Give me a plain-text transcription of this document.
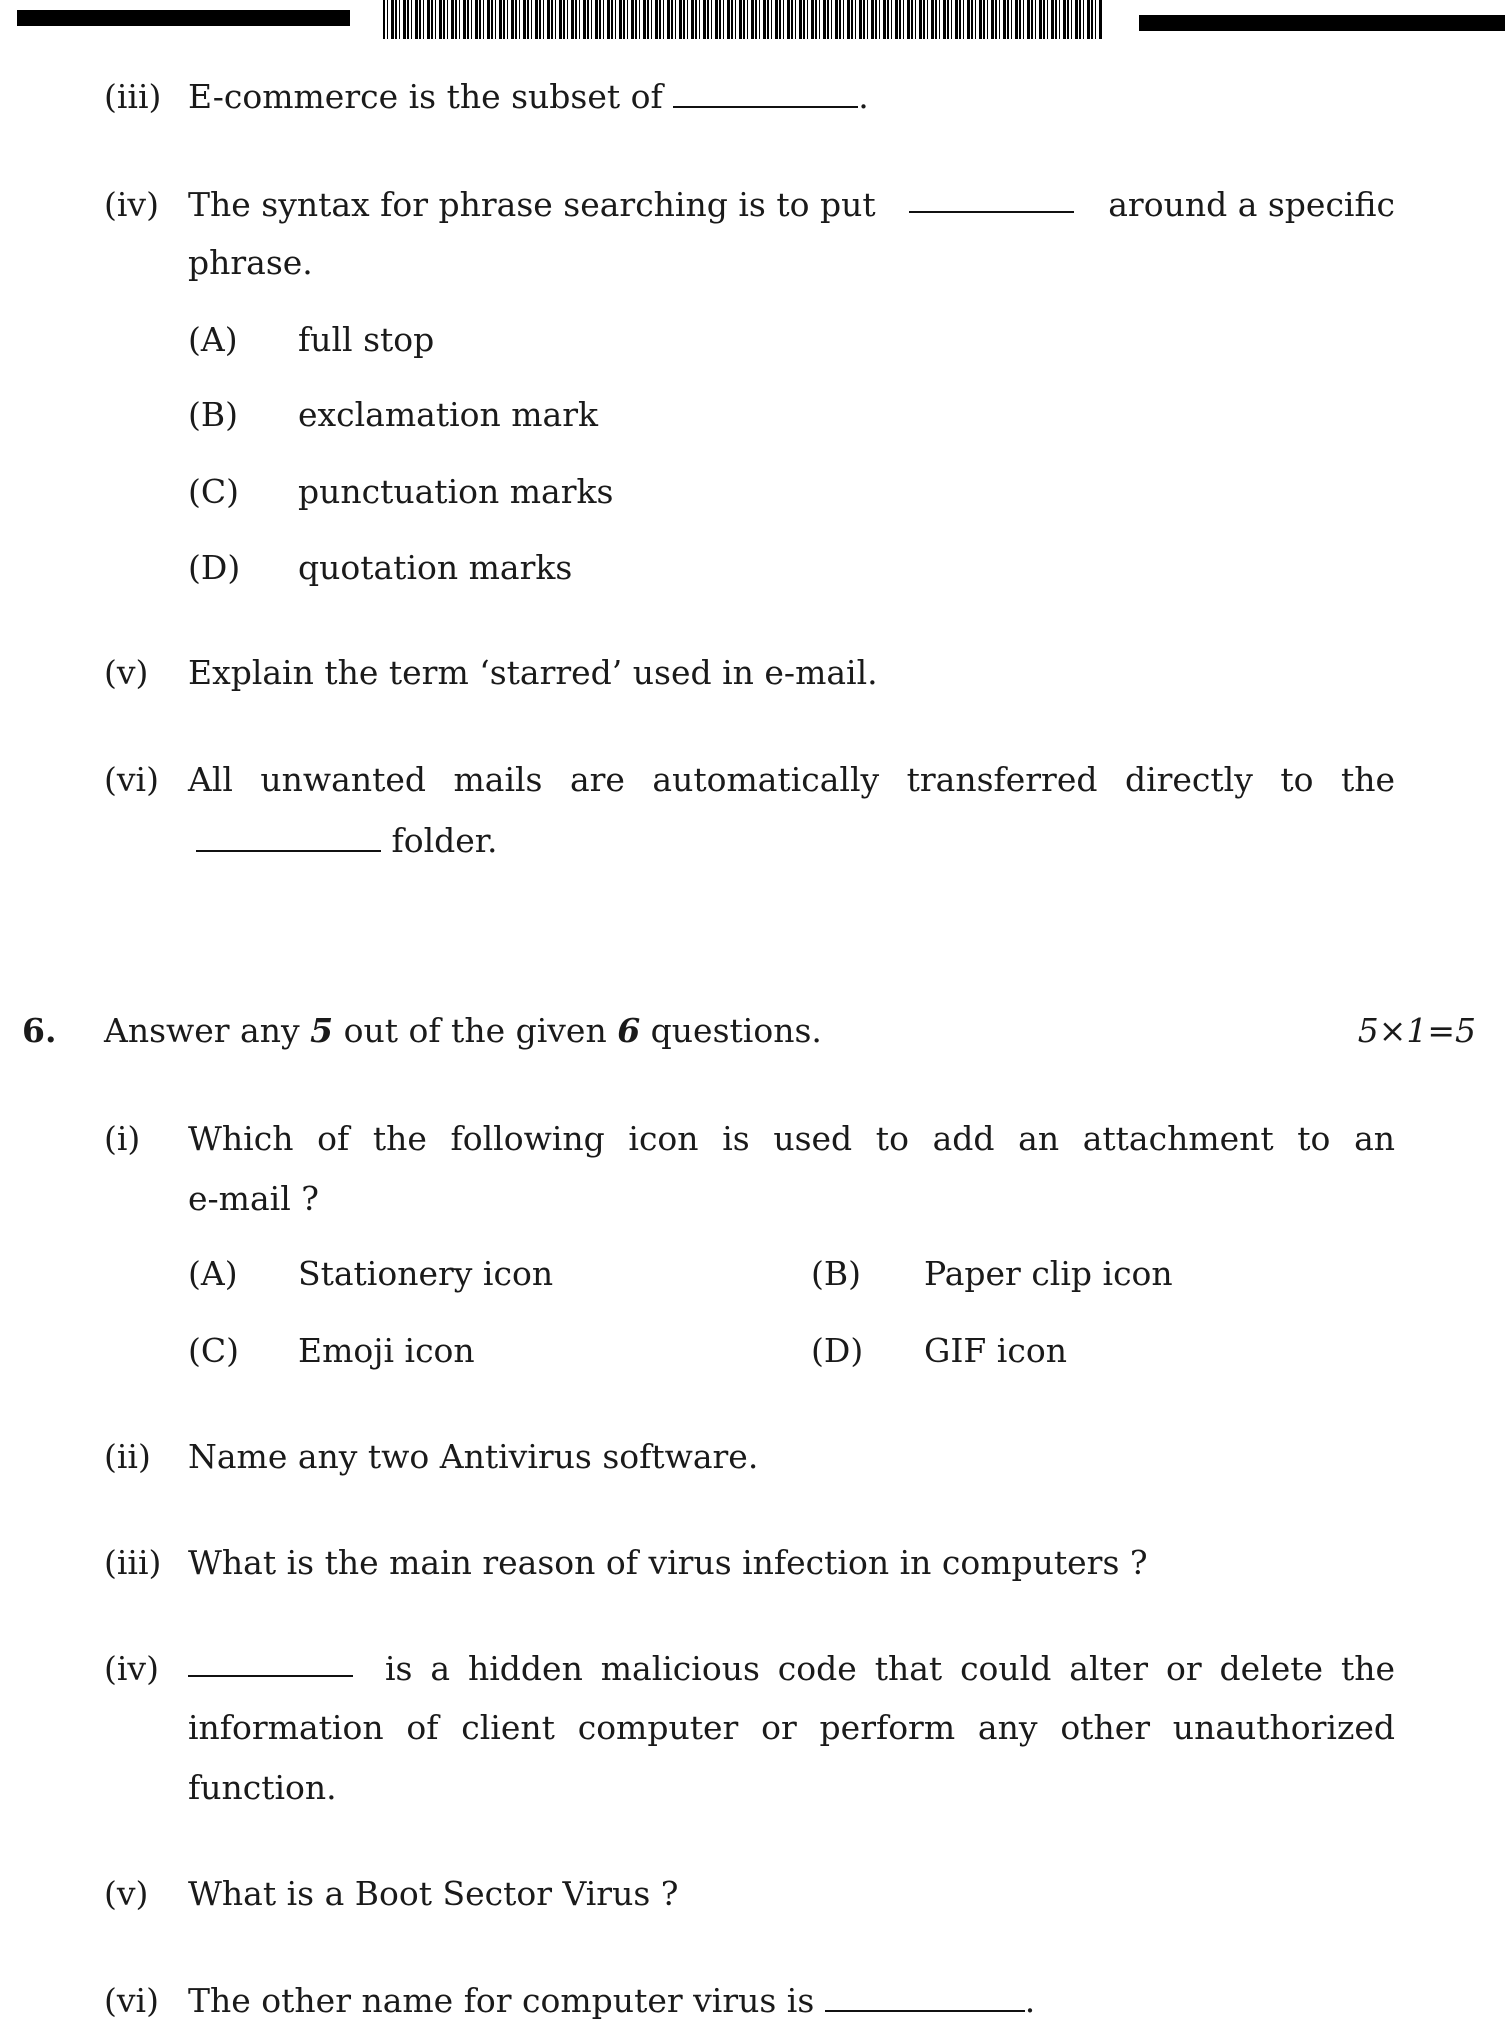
(iii) E-commerce is the subset of	.
(iv) The syntax for phrase searching is to put	around a specific
phrase.
(A) full stop
(B) exclamation mark
(C) punctuation marks
(D) quotation marks
(v) Explain the term ‘starred’ used in e-mail.
(vi) All unwanted mails are automatically transferred directly to the
folder.
6. Answer any 5 out of the given 6 questions.	5×1=5
(i) Which of the following icon is used to add an attachment to an
e-mail ?
(A) Stationery icon	(B) Paper clip icon
(C) Emoji icon	(D) GIF icon
(ii) Name any two Antivirus software.
(iii) What is the main reason of virus infection in computers ?
(iv)	is a hidden malicious code that could alter or delete the
information of client computer or perform any other unauthorized
function.
(v) What is a Boot Sector Virus ?
(vi) The other name for computer virus is	.
